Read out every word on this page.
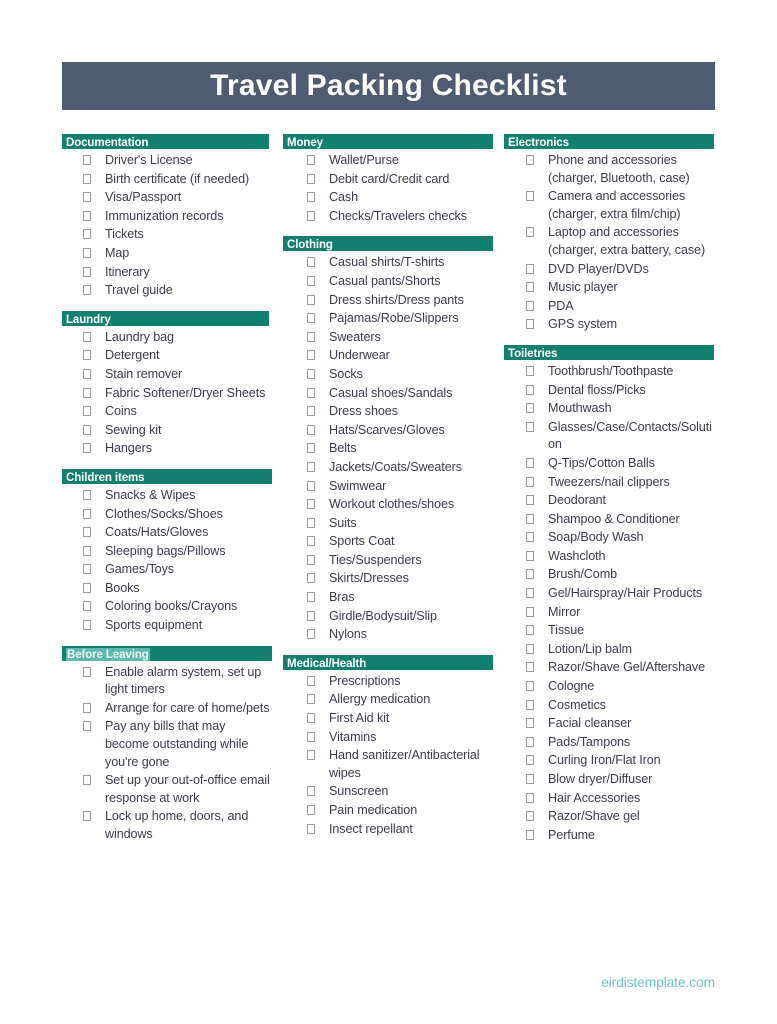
Travel Packing Checklist
Documentation
Driver's License
Birth certificate (if needed)
Visa/Passport
Immunization records
Tickets
Map
Itinerary
Travel guide
Laundry
Laundry bag
Detergent
Stain remover
Fabric Softener/Dryer Sheets
Coins
Sewing kit
Hangers
Children items
Snacks & Wipes
Clothes/Socks/Shoes
Coats/Hats/Gloves
Sleeping bags/Pillows
Games/Toys
Books
Coloring books/Crayons
Sports equipment
Before Leaving
Enable alarm system, set up light timers
Arrange for care of home/pets
Pay any bills that may become outstanding while you're gone
Set up your out-of-office email response at work
Lock up home, doors, and windows
Money
Wallet/Purse
Debit card/Credit card
Cash
Checks/Travelers checks
Clothing
Casual shirts/T-shirts
Casual pants/Shorts
Dress shirts/Dress pants
Pajamas/Robe/Slippers
Sweaters
Underwear
Socks
Casual shoes/Sandals
Dress shoes
Hats/Scarves/Gloves
Belts
Jackets/Coats/Sweaters
Swimwear
Workout clothes/shoes
Suits
Sports Coat
Ties/Suspenders
Skirts/Dresses
Bras
Girdle/Bodysuit/Slip
Nylons
Medical/Health
Prescriptions
Allergy medication
First Aid kit
Vitamins
Hand sanitizer/Antibacterial wipes
Sunscreen
Pain medication
Insect repellant
Electronics
Phone and accessories (charger, Bluetooth, case)
Camera and accessories (charger, extra film/chip)
Laptop and accessories (charger, extra battery, case)
DVD Player/DVDs
Music player
PDA
GPS system
Toiletries
Toothbrush/Toothpaste
Dental floss/Picks
Mouthwash
Glasses/Case/Contacts/Solution
Q-Tips/Cotton Balls
Tweezers/nail clippers
Deodorant
Shampoo & Conditioner
Soap/Body Wash
Washcloth
Brush/Comb
Gel/Hairspray/Hair Products
Mirror
Tissue
Lotion/Lip balm
Razor/Shave Gel/Aftershave
Cologne
Cosmetics
Facial cleanser
Pads/Tampons
Curling Iron/Flat Iron
Blow dryer/Diffuser
Hair Accessories
Razor/Shave gel
Perfume
eirdistemplate.com
